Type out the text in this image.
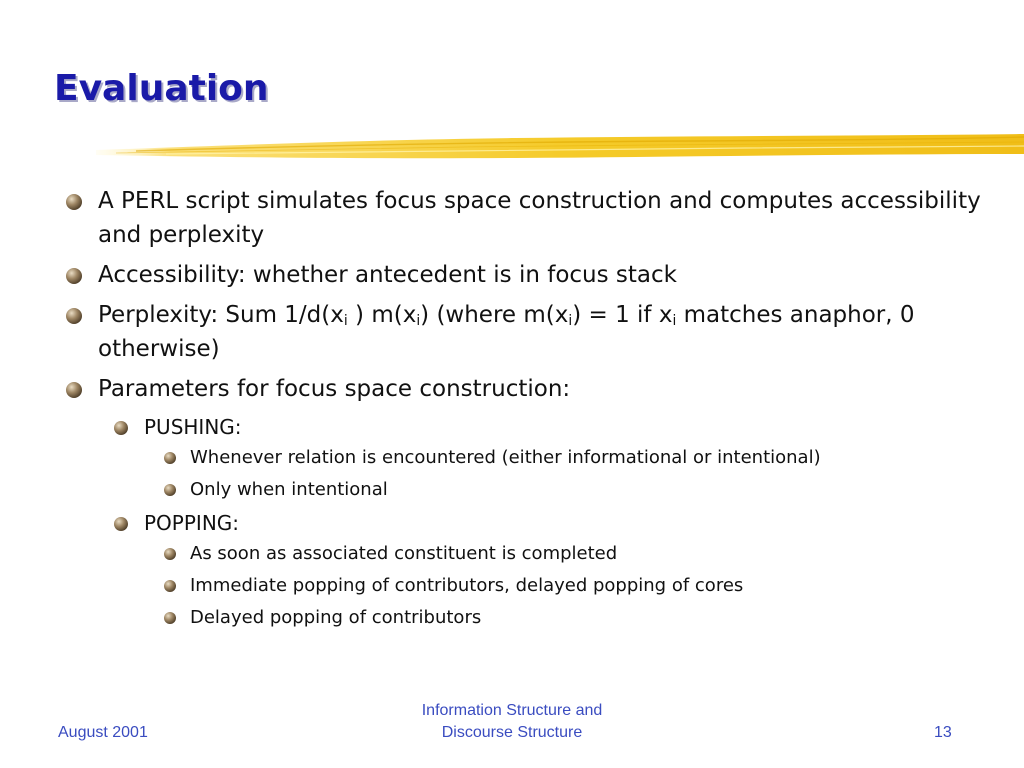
Evaluation
A PERL script simulates focus space construction and computes accessibility and perplexity
Accessibility: whether antecedent is in focus stack
Perplexity: Sum $1/d(x_i$ ) $m(x_i)$ (where $m(x_i) = 1$ if $x_i$ matches anaphor, 0 otherwise)
Parameters for focus space construction:
PUSHING:
Whenever relation is encountered (either informational or intentional)
Only when intentional
POPPING:
As soon as associated constituent is completed
Immediate popping of contributors, delayed popping of cores
Delayed popping of contributors
August 2001
Information Structure and
Discourse Structure	13
